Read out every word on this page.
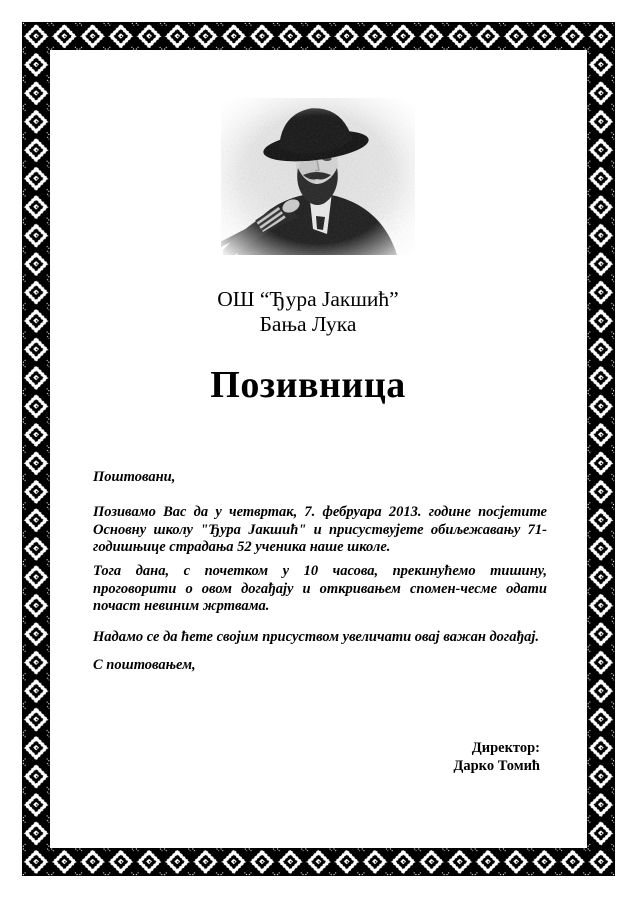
ОШ “Ђура Јакшић”
Бања Лука
Позивница
Поштовани,
Позивамо Вас да у четвртак, 7. фебруара 2013. године посјетите
Основну школу "Ђура Јакшић" и присуствујете обиљежавању 71-
годишњице страдања 52 ученика наше школе.
Тога дана, с почетком у 10 часова, прекинућемо тишину,
проговорити о овом догађају и откривањем спомен-чесме одати
почаст невиним жртвама.
Надамо се да ћете својим присуством увеличати овај важан догађај.
С поштовањем,
Директор:
Дарко Томић
